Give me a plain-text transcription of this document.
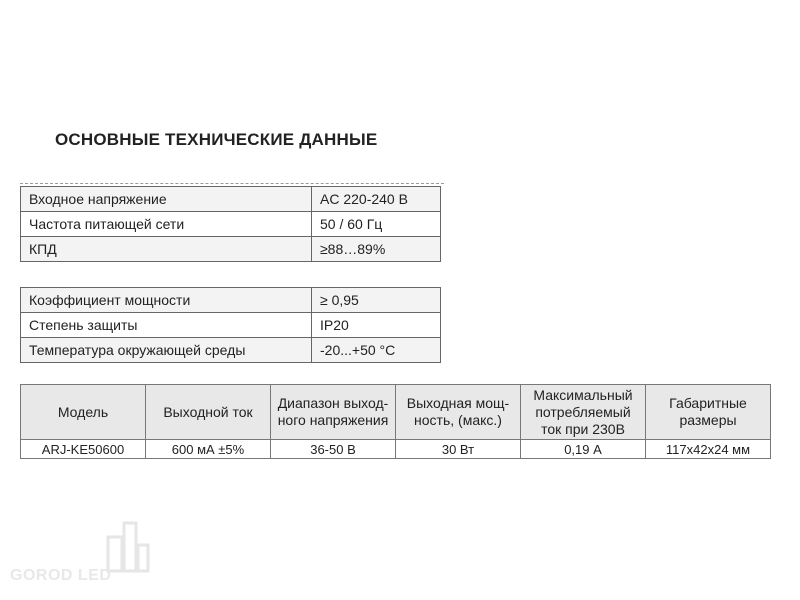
ОСНОВНЫЕ ТЕХНИЧЕСКИЕ ДАННЫЕ
Входное напряжение	AC 220-240 В
Частота питающей сети	50 / 60 Гц
КПД	≥88…89%
Коэффициент мощности	≥ 0,95
Степень защиты	IP20
Температура окружающей среды	-20...+50 °С
Модель	Выходной ток	Диапазон выход-ного напряжения	Выходная мощ-ность, (макс.)	Максимальный потребляемый ток при 230В	Габаритные размеры
ARJ-KE50600	600 мА ±5%	36-50 В	30 Вт	0,19 А	117x42x24 мм
GOROD LED
